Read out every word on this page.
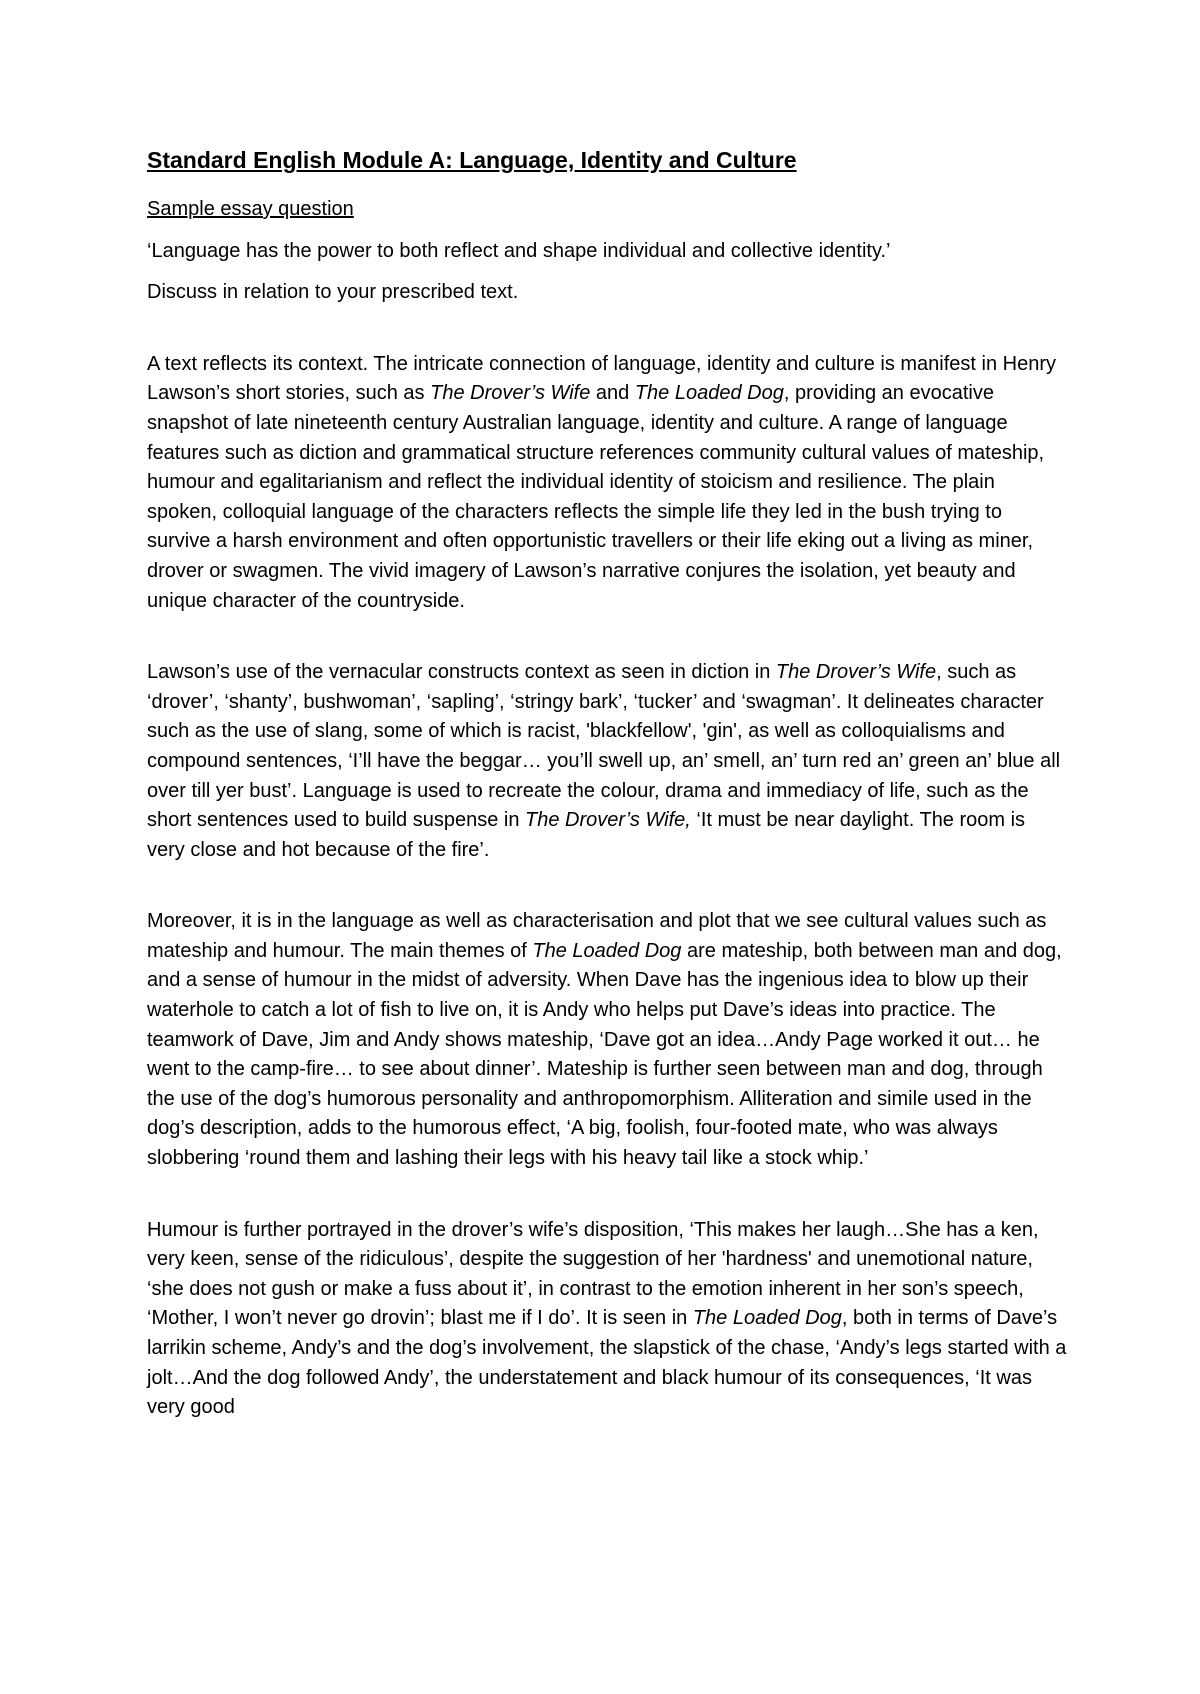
Standard English Module A: Language, Identity and Culture
Sample essay question
‘Language has the power to both reflect and shape individual and collective identity.’
Discuss in relation to your prescribed text.

A text reflects its context. The intricate connection of language, identity and culture is manifest in Henry Lawson’s short stories, such as The Drover’s Wife and The Loaded Dog, providing an evocative snapshot of late nineteenth century Australian language, identity and culture. A range of language features such as diction and grammatical structure references community cultural values of mateship, humour and egalitarianism and reflect the individual identity of stoicism and resilience. The plain spoken, colloquial language of the characters reflects the simple life they led in the bush trying to survive a harsh environment and often opportunistic travellers or their life eking out a living as miner, drover or swagmen. The vivid imagery of Lawson’s narrative conjures the isolation, yet beauty and unique character of the countryside.

Lawson’s use of the vernacular constructs context as seen in diction in The Drover’s Wife, such as ‘drover’, ‘shanty’, bushwoman’, ‘sapling’, ‘stringy bark’, ‘tucker’ and ‘swagman’. It delineates character such as the use of slang, some of which is racist, 'blackfellow', 'gin', as well as colloquialisms and compound sentences, ‘I’ll have the beggar… you’ll swell up, an’ smell, an’ turn red an’ green an’ blue all over till yer bust’. Language is used to recreate the colour, drama and immediacy of life, such as the short sentences used to build suspense in The Drover’s Wife, ‘It must be near daylight. The room is very close and hot because of the fire’.

Moreover, it is in the language as well as characterisation and plot that we see cultural values such as mateship and humour. The main themes of The Loaded Dog are mateship, both between man and dog, and a sense of humour in the midst of adversity. When Dave has the ingenious idea to blow up their waterhole to catch a lot of fish to live on, it is Andy who helps put Dave’s ideas into practice. The teamwork of Dave, Jim and Andy shows mateship, ‘Dave got an idea…Andy Page worked it out… he went to the camp-fire… to see about dinner’. Mateship is further seen between man and dog, through the use of the dog’s humorous personality and anthropomorphism. Alliteration and simile used in the dog’s description, adds to the humorous effect, ‘A big, foolish, four-footed mate, who was always slobbering ‘round them and lashing their legs with his heavy tail like a stock whip.’

Humour is further portrayed in the drover’s wife’s disposition, ‘This makes her laugh…She has a ken, very keen, sense of the ridiculous’, despite the suggestion of her 'hardness' and unemotional nature, ‘she does not gush or make a fuss about it’, in contrast to the emotion inherent in her son’s speech, ‘Mother, I won’t never go drovin’; blast me if I do’. It is seen in The Loaded Dog, both in terms of Dave’s larrikin scheme, Andy’s and the dog’s involvement, the slapstick of the chase, ‘Andy’s legs started with a jolt…And the dog followed Andy’, the understatement and black humour of its consequences, ‘It was very good
